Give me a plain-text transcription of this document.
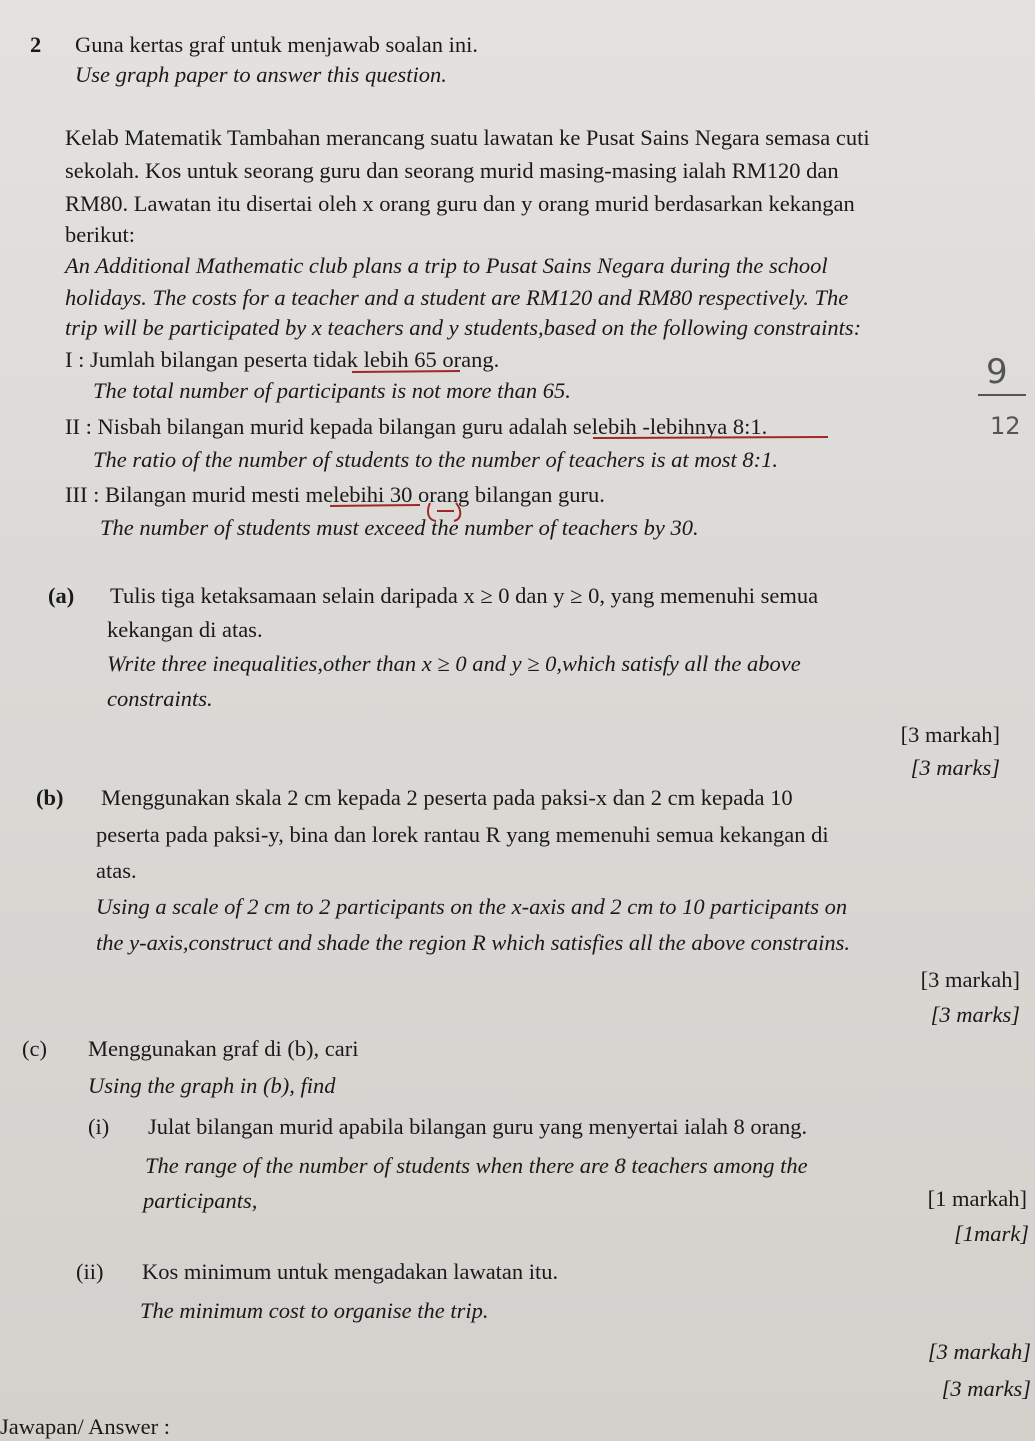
2 Guna kertas graf untuk menjawab soalan ini.
Use graph paper to answer this question.
Kelab Matematik Tambahan merancang suatu lawatan ke Pusat Sains Negara semasa cuti
sekolah. Kos untuk seorang guru dan seorang murid masing-masing ialah RM120 dan
RM80. Lawatan itu disertai oleh x orang guru dan y orang murid berdasarkan kekangan
berikut:
An Additional Mathematic club plans a trip to Pusat Sains Negara during the school
holidays. The costs for a teacher and a student are RM120 and RM80 respectively. The
trip will be participated by x teachers and y students,based on the following constraints:
I : Jumlah bilangan peserta tidak lebih 65 orang.
The total number of participants is not more than 65.
II : Nisbah bilangan murid kepada bilangan guru adalah selebih -lebihnya 8:1.
The ratio of the number of students to the number of teachers is at most 8:1.
III : Bilangan murid mesti melebihi 30 orang bilangan guru.
The number of students must exceed the number of teachers by 30.
9
12
(a) Tulis tiga ketaksamaan selain daripada x ≥ 0 dan y ≥ 0, yang memenuhi semua
kekangan di atas.
Write three inequalities,other than x ≥ 0 and y ≥ 0,which satisfy all the above
constraints.
[3 markah]
[3 marks]
(b) Menggunakan skala 2 cm kepada 2 peserta pada paksi-x dan 2 cm kepada 10
peserta pada paksi-y, bina dan lorek rantau R yang memenuhi semua kekangan di
atas.
Using a scale of 2 cm to 2 participants on the x-axis and 2 cm to 10 participants on
the y-axis,construct and shade the region R which satisfies all the above constrains.
[3 markah]
[3 marks]
(c) Menggunakan graf di (b), cari
Using the graph in (b), find
(i) Julat bilangan murid apabila bilangan guru yang menyertai ialah 8 orang.
The range of the number of students when there are 8 teachers among the
participants,	[1 markah]
[1mark]
(ii) Kos minimum untuk mengadakan lawatan itu.
The minimum cost to organise the trip.
[3 markah]
[3 marks]
Jawapan/ Answer :
